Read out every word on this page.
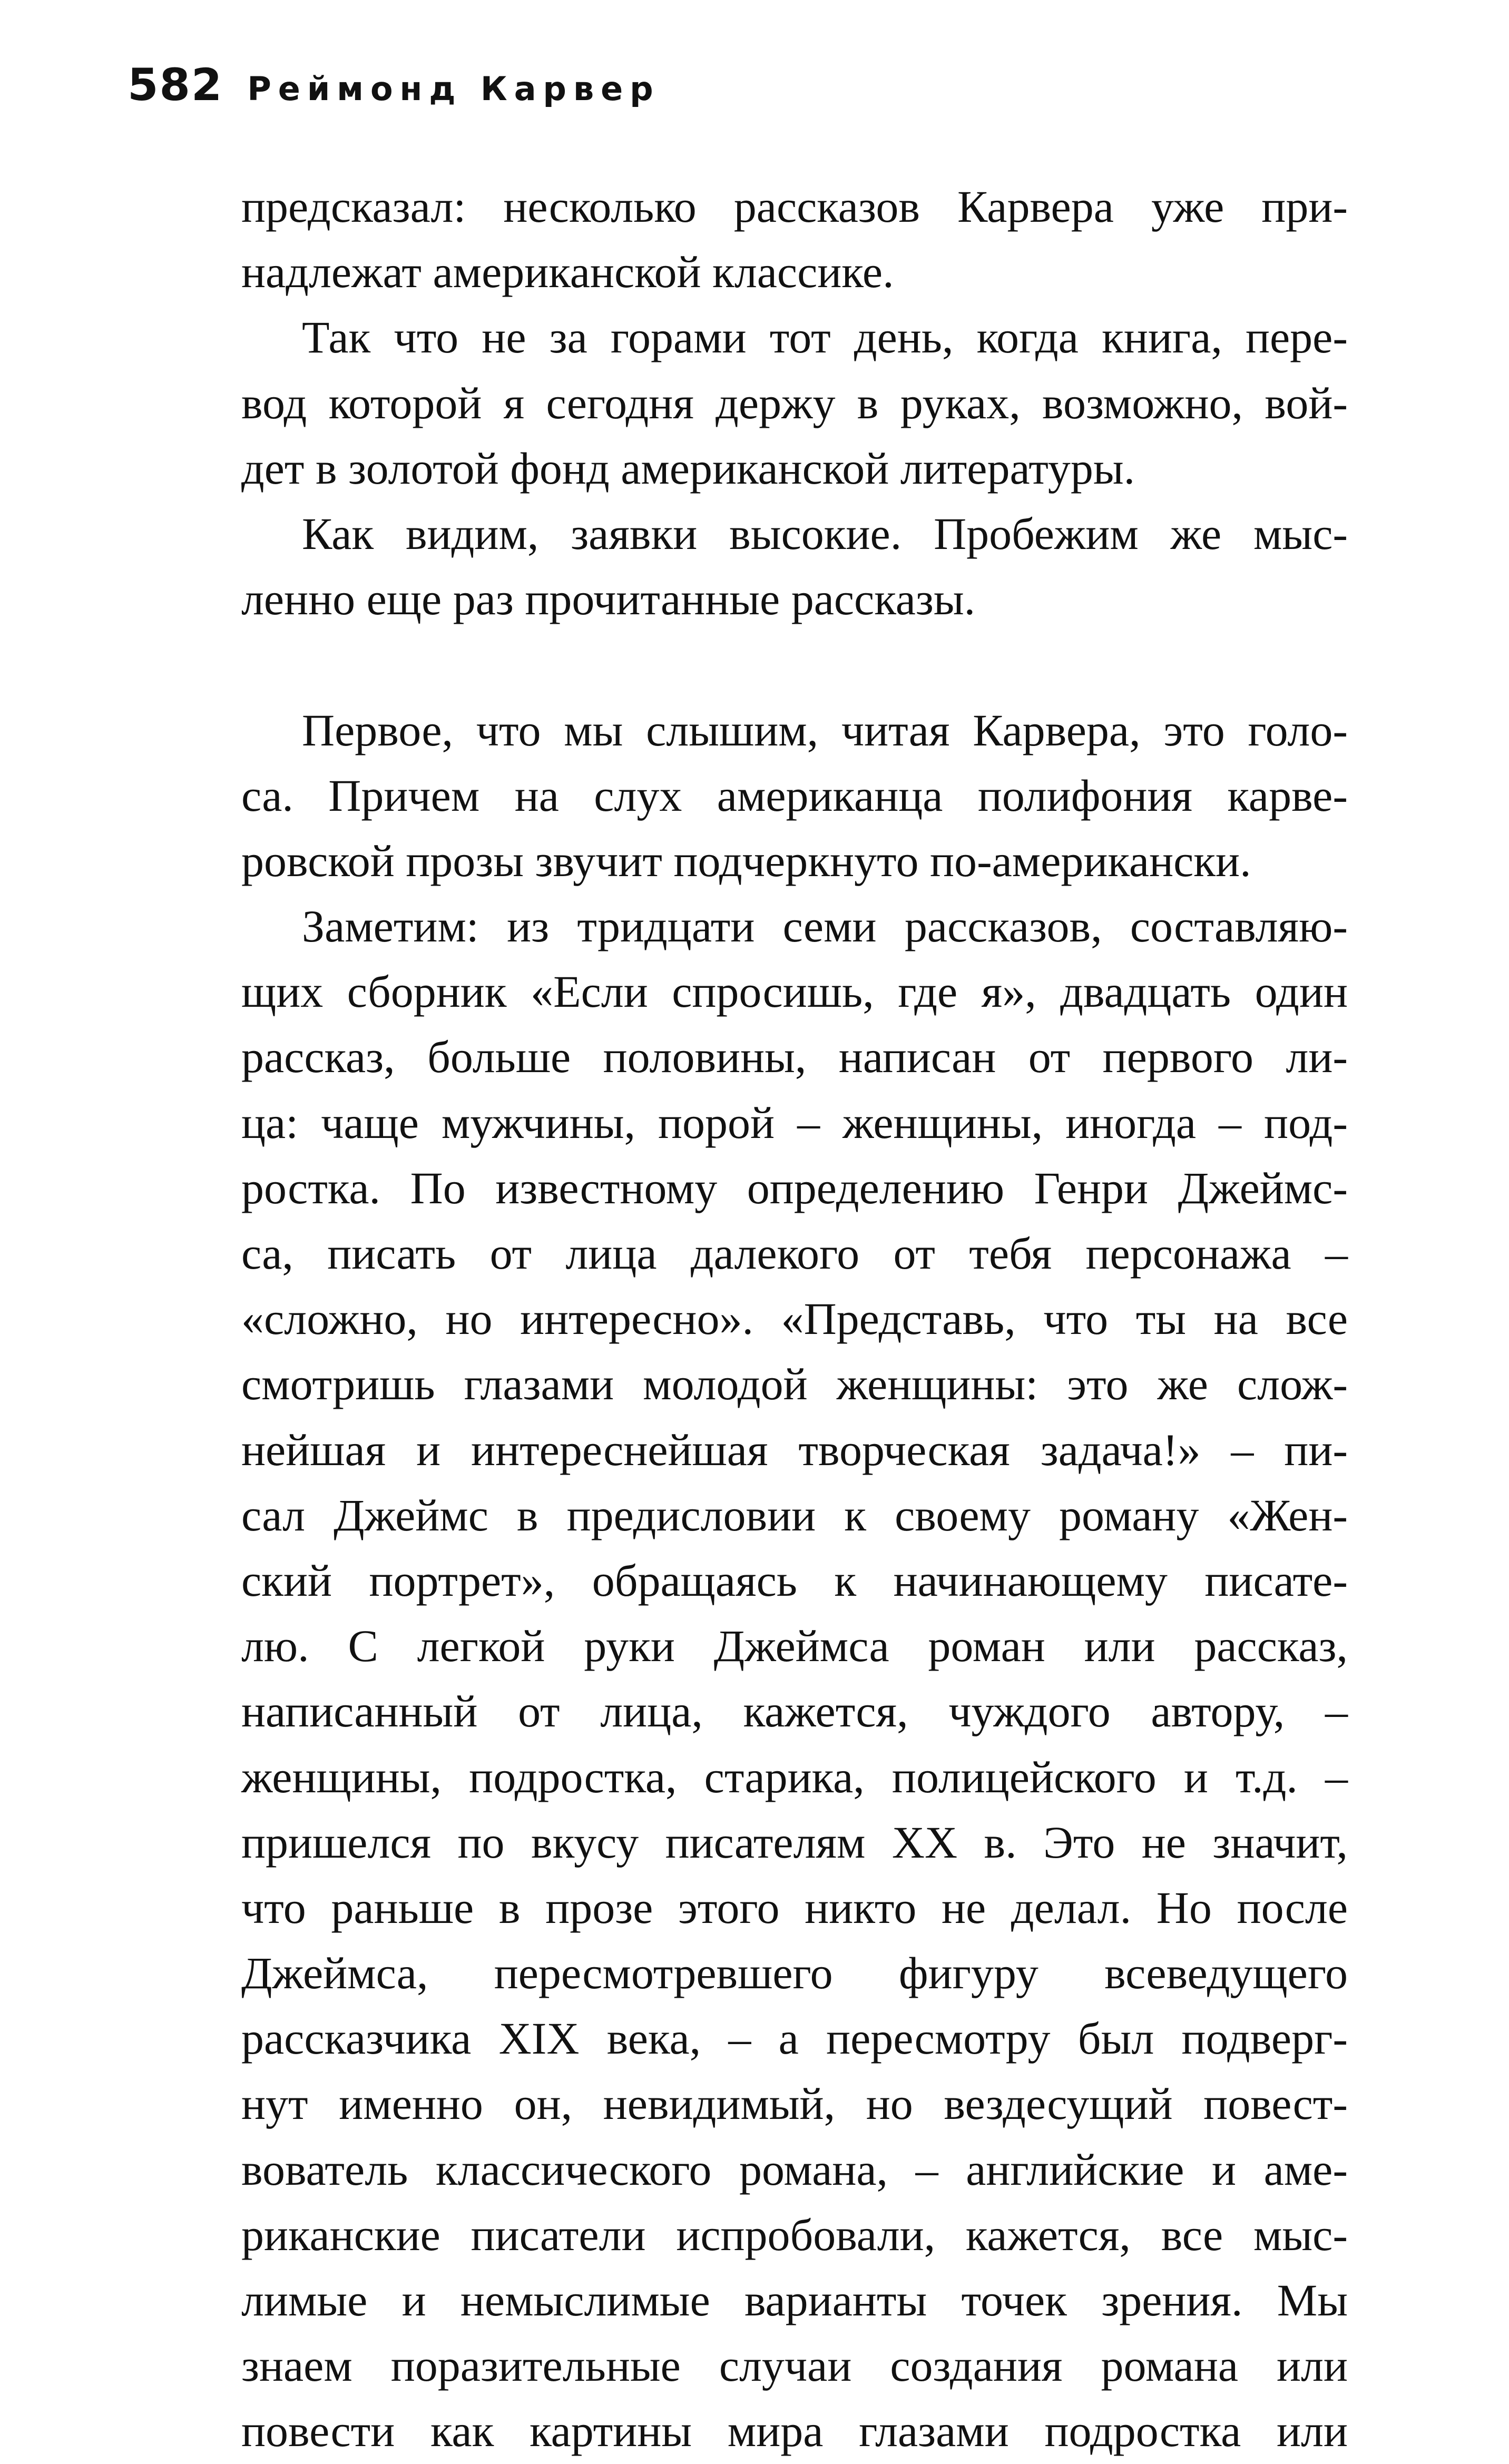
582 Реймонд Карвер
предсказал: несколько рассказов Карвера уже при-
надлежат американской классике.
Так что не за горами тот день, когда книга, пере-
вод которой я сегодня держу в руках, возможно, вой-
дет в золотой фонд американской литературы.
Как видим, заявки высокие. Пробежим же мыс-
ленно еще раз прочитанные рассказы.
Первое, что мы слышим, читая Карвера, это голо-
са. Причем на слух американца полифония карве-
ровской прозы звучит подчеркнуто по-американски.
Заметим: из тридцати семи рассказов, составляю-
щих сборник «Если спросишь, где я», двадцать один
рассказ, больше половины, написан от первого ли-
ца: чаще мужчины, порой – женщины, иногда – под-
ростка. По известному определению Генри Джеймс-
са, писать от лица далекого от тебя персонажа –
«сложно, но интересно». «Представь, что ты на все
смотришь глазами молодой женщины: это же слож-
нейшая и интереснейшая творческая задача!» – пи-
сал Джеймс в предисловии к своему роману «Жен-
ский портрет», обращаясь к начинающему писате-
лю. С легкой руки Джеймса роман или рассказ,
написанный от лица, кажется, чуждого автору, –
женщины, подростка, старика, полицейского и т.д. –
пришелся по вкусу писателям XX в. Это не значит,
что раньше в прозе этого никто не делал. Но после
Джеймса, пересмотревшего фигуру всеведущего
рассказчика XIX века, – а пересмотру был подверг-
нут именно он, невидимый, но вездесущий повест-
вователь классического романа, – английские и аме-
риканские писатели испробовали, кажется, все мыс-
лимые и немыслимые варианты точек зрения. Мы
знаем поразительные случаи создания романа или
повести как картины мира глазами подростка или
